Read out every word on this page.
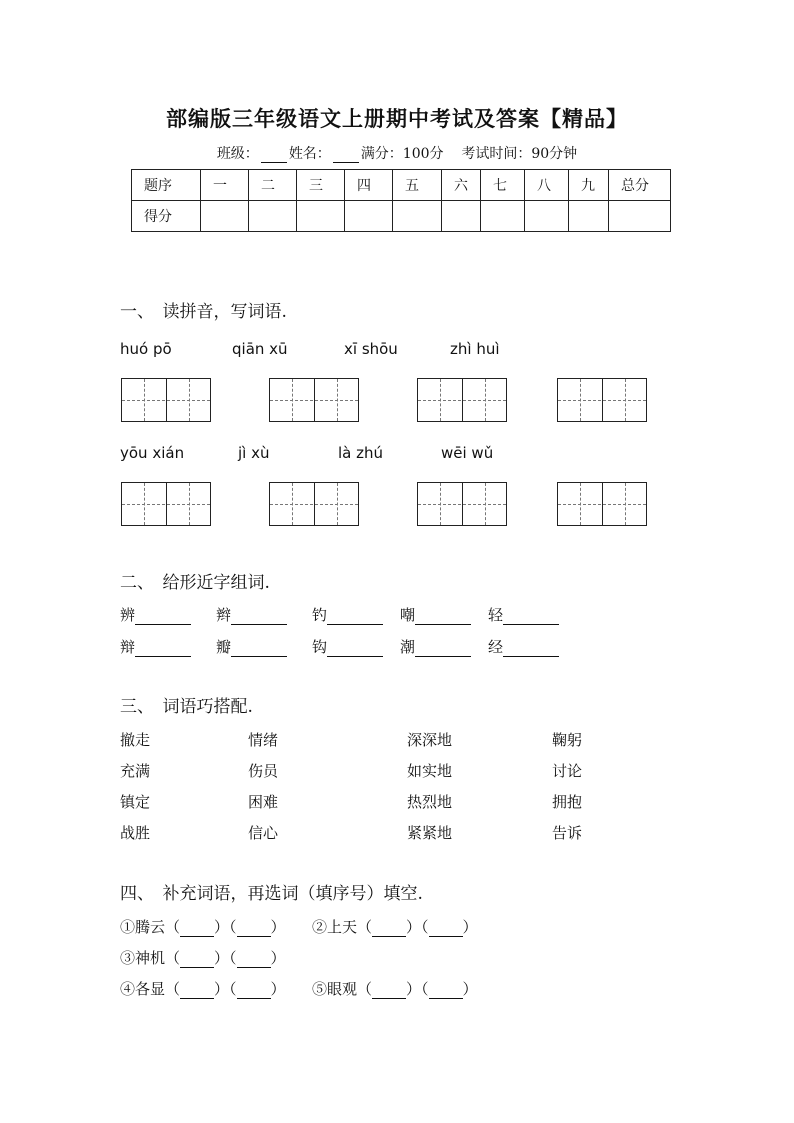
部编版三年级语文上册期中考试及答案【精品】
班级： 姓名： 满分：100分 考试时间：90分钟
题序	一	二	三	四	五	六	七	八	九	总分
得分										
一、　读拼音，写词语.
huó pō	qiān xū	xī shōu	zhì huì
yōu xián	jì xù	là zhú	wēi wǔ
二、　给形近字组词.
辨	辫	钓	嘲	轻
辩	瓣	钩	潮	经
三、　词语巧搭配.
撤走	情绪	深深地	鞠躬
充满	伤员	如实地	讨论
镇定	困难	热烈地	拥抱
战胜	信心	紧紧地	告诉
四、　补充词语，再选词（填序号）填空.
①腾云（ ）（ ） ②上天（ ）（ ）
③神机（ ）（ ）
④各显（ ）（ ） ⑤眼观（ ）（ ）
